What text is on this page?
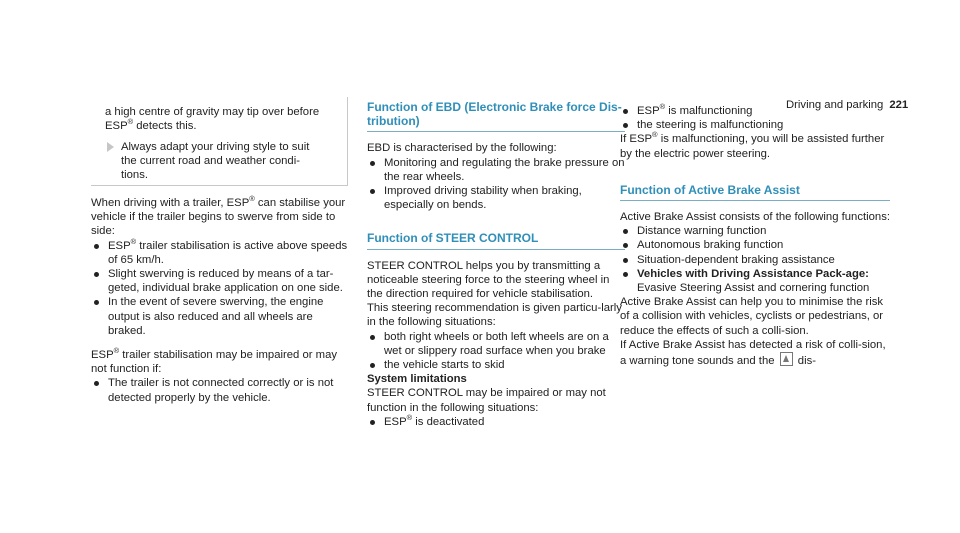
Driving and parking 221

a high centre of gravity may tip over before
ESP® detects this.

Always adapt your driving style to suit
the current road and weather condi-
tions.

When driving with a trailer, ESP® can stabilise your vehicle if the trailer begins to swerve from side to side:

ESP® trailer stabilisation is active above speeds of 65 km/h.
Slight swerving is reduced by means of a tar-geted, individual brake application on one side.
In the event of severe swerving, the engine output is also reduced and all wheels are braked.

ESP® trailer stabilisation may be impaired or may not function if:

The trailer is not connected correctly or is not detected properly by the vehicle.

Function of EBD (Electronic Brake force Dis-tribution)

EBD is characterised by the following:

Monitoring and regulating the brake pressure on the rear wheels.
Improved driving stability when braking, especially on bends.

Function of STEER CONTROL

STEER CONTROL helps you by transmitting a noticeable steering force to the steering wheel in the direction required for vehicle stabilisation.

This steering recommendation is given particu-larly in the following situations:

both right wheels or both left wheels are on a wet or slippery road surface when you brake
the vehicle starts to skid

System limitations

STEER CONTROL may be impaired or may not function in the following situations:

ESP® is deactivated
ESP® is malfunctioning
the steering is malfunctioning

If ESP® is malfunctioning, you will be assisted further by the electric power steering.

Function of Active Brake Assist

Active Brake Assist consists of the following functions:

Distance warning function
Autonomous braking function
Situation-dependent braking assistance
Vehicles with Driving Assistance Pack-age: Evasive Steering Assist and cornering function

Active Brake Assist can help you to minimise the risk of a collision with vehicles, cyclists or pedestrians, or reduce the effects of such a colli-sion.

If Active Brake Assist has detected a risk of colli-sion, a warning tone sounds and the  dis-
